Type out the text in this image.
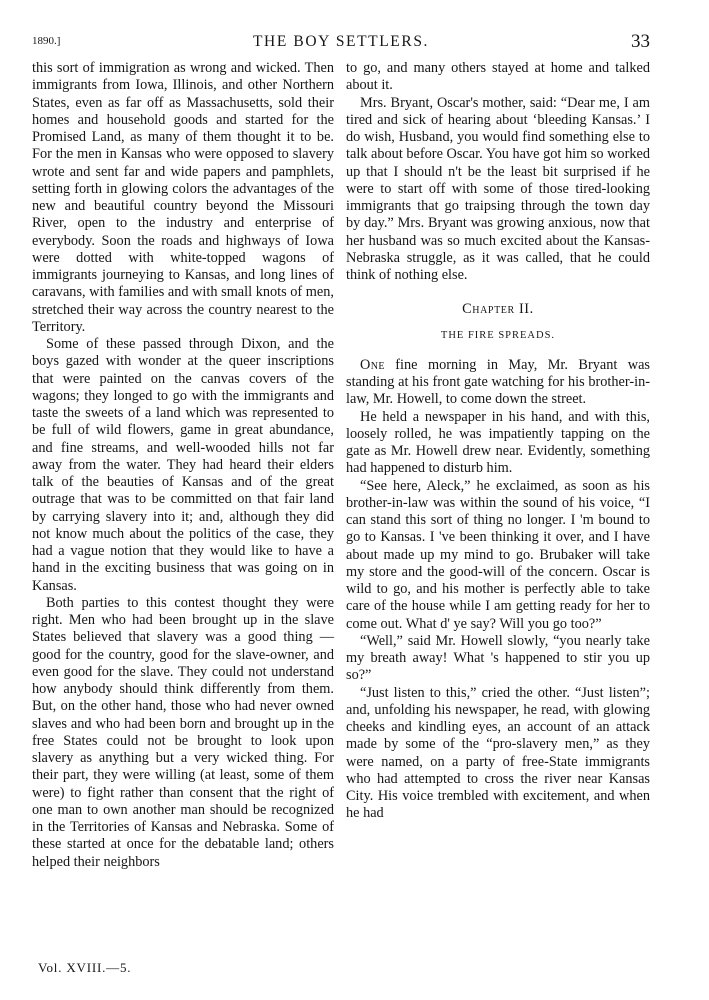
1890.]	THE BOY SETTLERS.	33

this sort of immigration as wrong and wicked. Then immigrants from Iowa, Illinois, and other Northern States, even as far off as Massachusetts, sold their homes and household goods and started for the Promised Land, as many of them thought it to be. For the men in Kansas who were opposed to slavery wrote and sent far and wide papers and pamphlets, setting forth in glowing colors the advantages of the new and beautiful country beyond the Missouri River, open to the industry and enterprise of everybody. Soon the roads and highways of Iowa were dotted with white-topped wagons of immigrants journeying to Kansas, and long lines of caravans, with families and with small knots of men, stretched their way across the country nearest to the Territory.

Some of these passed through Dixon, and the boys gazed with wonder at the queer inscriptions that were painted on the canvas covers of the wagons; they longed to go with the immigrants and taste the sweets of a land which was represented to be full of wild flowers, game in great abundance, and fine streams, and well-wooded hills not far away from the water. They had heard their elders talk of the beauties of Kansas and of the great outrage that was to be committed on that fair land by carrying slavery into it; and, although they did not know much about the politics of the case, they had a vague notion that they would like to have a hand in the exciting business that was going on in Kansas.

Both parties to this contest thought they were right. Men who had been brought up in the slave States believed that slavery was a good thing — good for the country, good for the slave-owner, and even good for the slave. They could not understand how anybody should think differently from them. But, on the other hand, those who had never owned slaves and who had been born and brought up in the free States could not be brought to look upon slavery as anything but a very wicked thing. For their part, they were willing (at least, some of them were) to fight rather than consent that the right of one man to own another man should be recognized in the Territories of Kansas and Nebraska. Some of these started at once for the debatable land; others helped their neighbors

to go, and many others stayed at home and talked about it.

Mrs. Bryant, Oscar's mother, said: “Dear me, I am tired and sick of hearing about ‘bleeding Kansas.’ I do wish, Husband, you would find something else to talk about before Oscar. You have got him so worked up that I should n't be the least bit surprised if he were to start off with some of those tired-looking immigrants that go traipsing through the town day by day.” Mrs. Bryant was growing anxious, now that her husband was so much excited about the Kansas-Nebraska struggle, as it was called, that he could think of nothing else.

Chapter II.
THE FIRE SPREADS.

One fine morning in May, Mr. Bryant was standing at his front gate watching for his brother-in-law, Mr. Howell, to come down the street.

He held a newspaper in his hand, and with this, loosely rolled, he was impatiently tapping on the gate as Mr. Howell drew near. Evidently, something had happened to disturb him.

“See here, Aleck,” he exclaimed, as soon as his brother-in-law was within the sound of his voice, “I can stand this sort of thing no longer. I 'm bound to go to Kansas. I 've been thinking it over, and I have about made up my mind to go. Brubaker will take my store and the good-will of the concern. Oscar is wild to go, and his mother is perfectly able to take care of the house while I am getting ready for her to come out. What d' ye say? Will you go too?”

“Well,” said Mr. Howell slowly, “you nearly take my breath away! What 's happened to stir you up so?”

“Just listen to this,” cried the other. “Just listen”; and, unfolding his newspaper, he read, with glowing cheeks and kindling eyes, an account of an attack made by some of the “pro-slavery men,” as they were named, on a party of free-State immigrants who had attempted to cross the river near Kansas City. His voice trembled with excitement, and when he had

Vol. XVIII.—5.
